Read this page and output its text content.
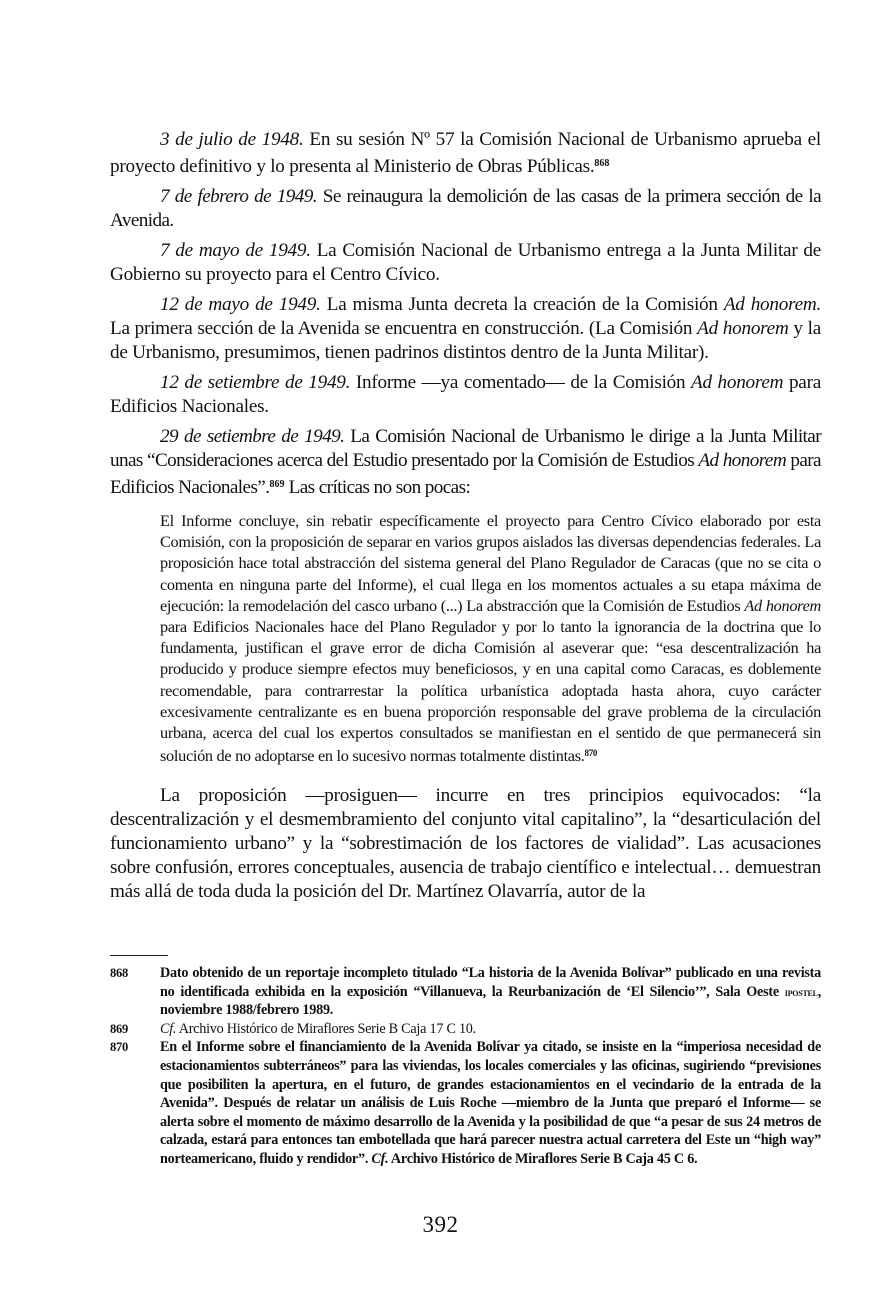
3 de julio de 1948. En su sesión Nº 57 la Comisión Nacional de Urbanismo aprueba el proyecto definitivo y lo presenta al Ministerio de Obras Públicas.$^{868}$

7 de febrero de 1949. Se reinaugura la demolición de las casas de la primera sección de la Avenida.

7 de mayo de 1949. La Comisión Nacional de Urbanismo entrega a la Junta Militar de Gobierno su proyecto para el Centro Cívico.

12 de mayo de 1949. La misma Junta decreta la creación de la Comisión Ad honorem. La primera sección de la Avenida se encuentra en construcción. (La Comisión Ad honorem y la de Urbanismo, presumimos, tienen padrinos distintos dentro de la Junta Militar).

12 de setiembre de 1949. Informe —ya comentado— de la Comisión Ad honorem para Edificios Nacionales.

29 de setiembre de 1949. La Comisión Nacional de Urbanismo le dirige a la Junta Militar unas “Consideraciones acerca del Estudio presentado por la Comisión de Estudios Ad honorem para Edificios Nacionales”.$^{869}$ Las críticas no son pocas:

El Informe concluye, sin rebatir específicamente el proyecto para Centro Cívico elaborado por esta Comisión, con la proposición de separar en varios grupos aislados las diversas dependencias federales. La proposición hace total abstracción del sistema general del Plano Regulador de Caracas (que no se cita o comenta en ninguna parte del Informe), el cual llega en los momentos actuales a su etapa máxima de ejecución: la remodelación del casco urbano (...) La abstracción que la Comisión de Estudios Ad honorem para Edificios Nacionales hace del Plano Regulador y por lo tanto la ignorancia de la doctrina que lo fundamenta, justifican el grave error de dicha Comisión al aseverar que: “esa descentralización ha producido y produce siempre efectos muy beneficiosos, y en una capital como Caracas, es doblemente recomendable, para contrarrestar la política urbanística adoptada hasta ahora, cuyo carácter excesivamente centralizante es en buena proporción responsable del grave problema de la circulación urbana, acerca del cual los expertos consultados se manifiestan en el sentido de que permanecerá sin solución de no adoptarse en lo sucesivo normas totalmente distintas.$^{870}$

La proposición —prosiguen— incurre en tres principios equivocados: “la descentralización y el desmembramiento del conjunto vital capitalino”, la “desarticulación del funcionamiento urbano” y la “sobrestimación de los factores de vialidad”. Las acusaciones sobre confusión, errores conceptuales, ausencia de trabajo científico e intelectual… demuestran más allá de toda duda la posición del Dr. Martínez Olavarría, autor de la

868	Dato obtenido de un reportaje incompleto titulado “La historia de la Avenida Bolívar” publicado en una revista no identificada exhibida en la exposición “Villanueva, la Reurbanización de ‘El Silencio’”, Sala Oeste ipostel, noviembre 1988/febrero 1989.
869	Cf. Archivo Histórico de Miraflores Serie B Caja 17 C 10.
870	En el Informe sobre el financiamiento de la Avenida Bolívar ya citado, se insiste en la “imperiosa necesidad de estacionamientos subterráneos” para las viviendas, los locales comerciales y las oficinas, sugiriendo “previsiones que posibiliten la apertura, en el futuro, de grandes estacionamientos en el vecindario de la entrada de la Avenida”. Después de relatar un análisis de Luis Roche —miembro de la Junta que preparó el Informe— se alerta sobre el momento de máximo desarrollo de la Avenida y la posibilidad de que “a pesar de sus 24 metros de calzada, estará para entonces tan embotellada que hará parecer nuestra actual carretera del Este un “high way” norteamericano, fluido y rendidor”. Cf. Archivo Histórico de Miraflores Serie B Caja 45 C 6.
392
